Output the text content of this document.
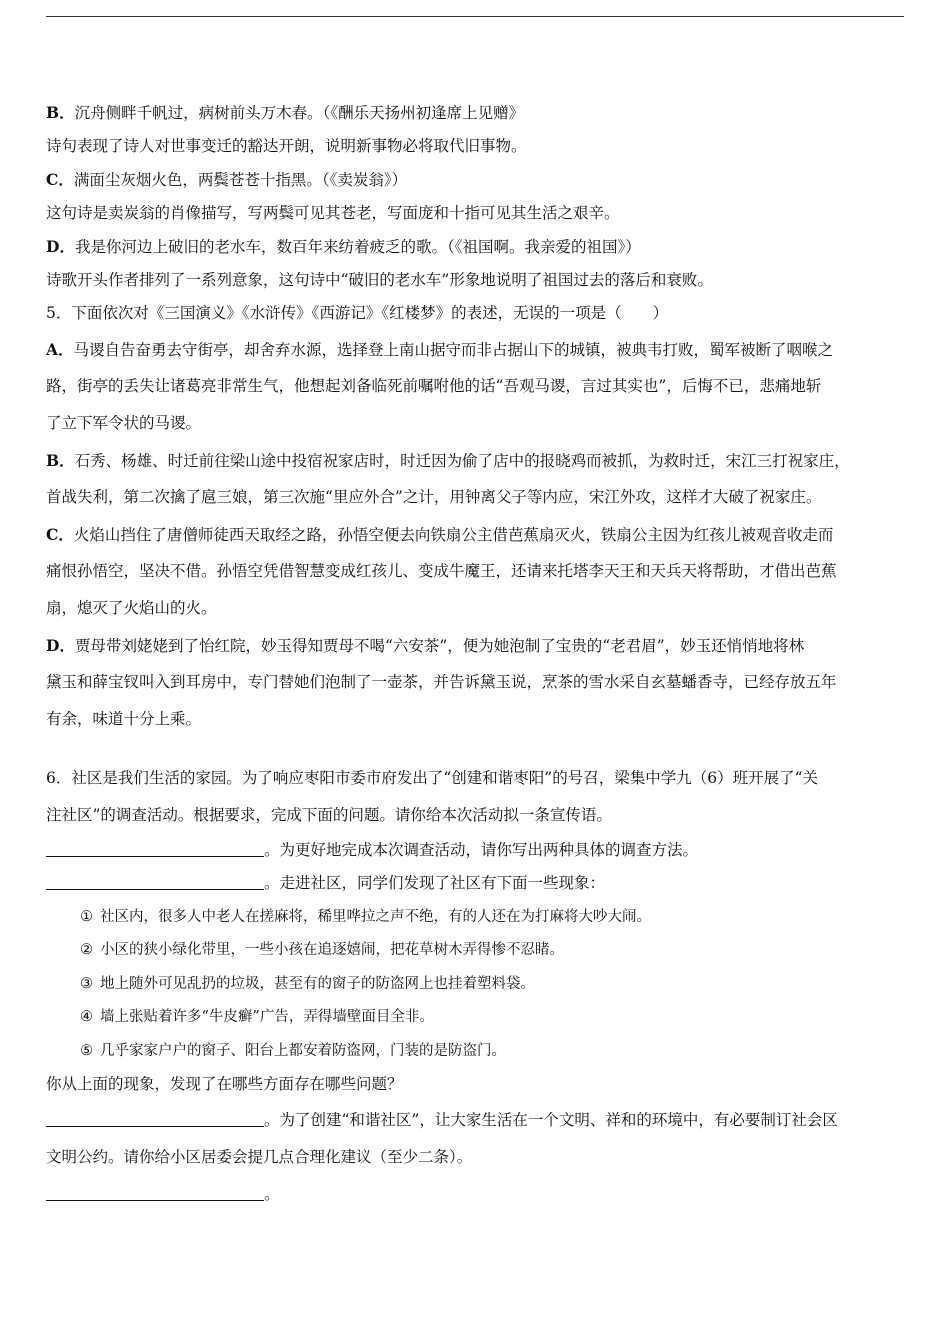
B．沉舟侧畔千帆过，病树前头万木春。（《酬乐天扬州初逢席上见赠》
诗句表现了诗人对世事变迁的豁达开朗，说明新事物必将取代旧事物。
C．满面尘灰烟火色，两鬓苍苍十指黑。（《卖炭翁》）
这句诗是卖炭翁的肖像描写，写两鬓可见其苍老，写面庞和十指可见其生活之艰辛。
D．我是你河边上破旧的老水车，数百年来纺着疲乏的歌。（《祖国啊。我亲爱的祖国》）
诗歌开头作者排列了一系列意象，这句诗中“破旧的老水车”形象地说明了祖国过去的落后和衰败。
5．下面依次对《三国演义》《水浒传》《西游记》《红楼梦》的表述，无误的一项是（　　）
A．马谡自告奋勇去守街亭，却舍弃水源，选择登上南山据守而非占据山下的城镇，被典韦打败，蜀军被断了咽喉之
路，街亭的丢失让诸葛亮非常生气，他想起刘备临死前嘱咐他的话“吾观马谡，言过其实也”，后悔不已，悲痛地斩
了立下军令状的马谡。
B．石秀、杨雄、时迁前往梁山途中投宿祝家店时，时迁因为偷了店中的报晓鸡而被抓，为救时迁，宋江三打祝家庄，
首战失利，第二次擒了扈三娘，第三次施“里应外合”之计，用钟离父子等内应，宋江外攻，这样才大破了祝家庄。
C．火焰山挡住了唐僧师徒西天取经之路，孙悟空便去向铁扇公主借芭蕉扇灭火，铁扇公主因为红孩儿被观音收走而
痛恨孙悟空，坚决不借。孙悟空凭借智慧变成红孩儿、变成牛魔王，还请来托塔李天王和天兵天将帮助，才借出芭蕉
扇，熄灭了火焰山的火。
D．贾母带刘姥姥到了怡红院，妙玉得知贾母不喝“六安茶”，便为她泡制了宝贵的“老君眉”，妙玉还悄悄地将林
黛玉和薛宝钗叫入到耳房中，专门替她们泡制了一壶茶，并告诉黛玉说，烹茶的雪水采自玄墓蟠香寺，已经存放五年
有余，味道十分上乘。
6．社区是我们生活的家园。为了响应枣阳市委市府发出了“创建和谐枣阳”的号召，梁集中学九（6）班开展了“关
注社区”的调查活动。根据要求，完成下面的问题。请你给本次活动拟一条宣传语。
。为更好地完成本次调查活动，请你写出两种具体的调查方法。
。走进社区，同学们发现了社区有下面一些现象：
① 社区内，很多人中老人在搓麻将，稀里哗拉之声不绝，有的人还在为打麻将大吵大闹。
② 小区的狭小绿化带里，一些小孩在追逐嬉闹，把花草树木弄得惨不忍睹。
③ 地上随外可见乱扔的垃圾，甚至有的窗子的防盗网上也挂着塑料袋。
④ 墙上张贴着许多“牛皮癣”广告，弄得墙壁面目全非。
⑤ 几乎家家户户的窗子、阳台上都安着防盗网，门装的是防盗门。
你从上面的现象，发现了在哪些方面存在哪些问题？
。为了创建“和谐社区”，让大家生活在一个文明、祥和的环境中，有必要制订社会区
文明公约。请你给小区居委会提几点合理化建议（至少二条）。
。
